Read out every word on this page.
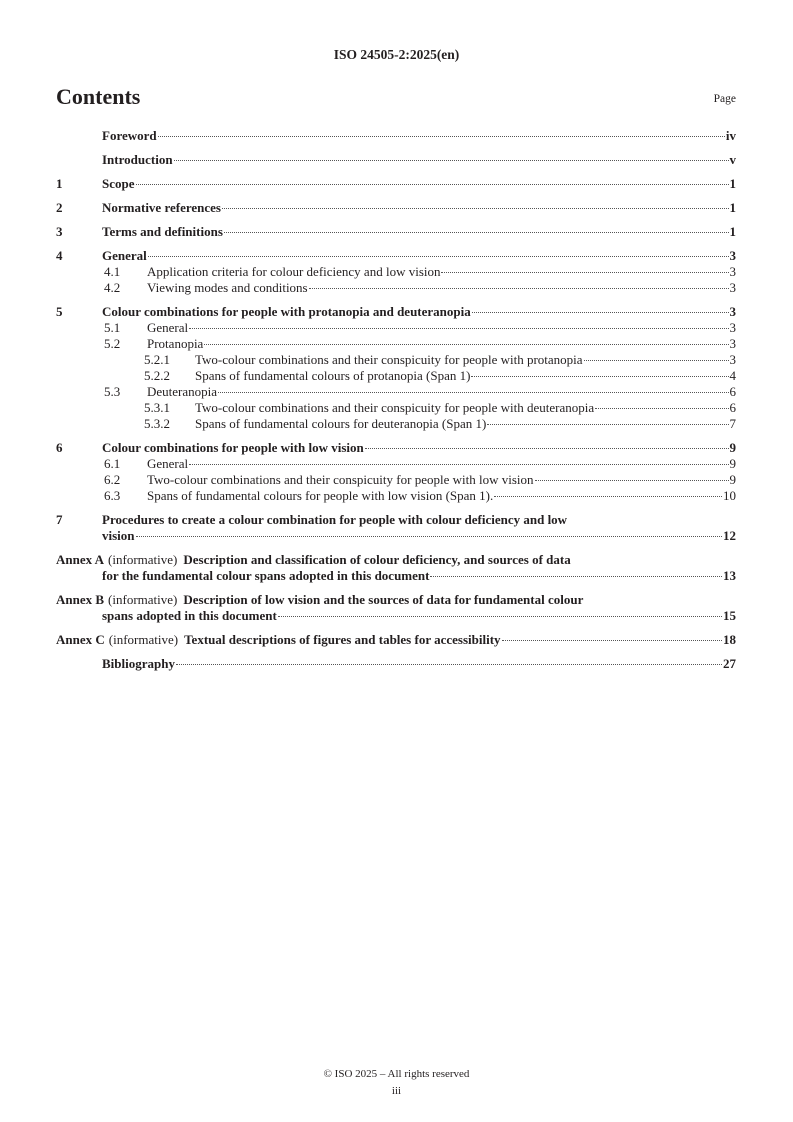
ISO 24505-2:2025(en)
Contents	Page
Foreword	iv
Introduction	v
1	Scope	1
2	Normative references	1
3	Terms and definitions	1
4	General	3
4.1	Application criteria for colour deficiency and low vision	3
4.2	Viewing modes and conditions	3
5	Colour combinations for people with protanopia and deuteranopia	3
5.1	General	3
5.2	Protanopia	3
5.2.1	Two-colour combinations and their conspicuity for people with protanopia	3
5.2.2	Spans of fundamental colours of protanopia (Span 1)	4
5.3	Deuteranopia	6
5.3.1	Two-colour combinations and their conspicuity for people with deuteranopia	6
5.3.2	Spans of fundamental colours for deuteranopia (Span 1)	7
6	Colour combinations for people with low vision	9
6.1	General	9
6.2	Two-colour combinations and their conspicuity for people with low vision	9
6.3	Spans of fundamental colours for people with low vision (Span 1).	10
7	Procedures to create a colour combination for people with colour deficiency and low
vision	12
Annex A (informative) Description and classification of colour deficiency, and sources of data
for the fundamental colour spans adopted in this document	13
Annex B (informative) Description of low vision and the sources of data for fundamental colour
spans adopted in this document	15
Annex C (informative) Textual descriptions of figures and tables for accessibility	18
Bibliography	27
© ISO 2025 – All rights reserved
iii
